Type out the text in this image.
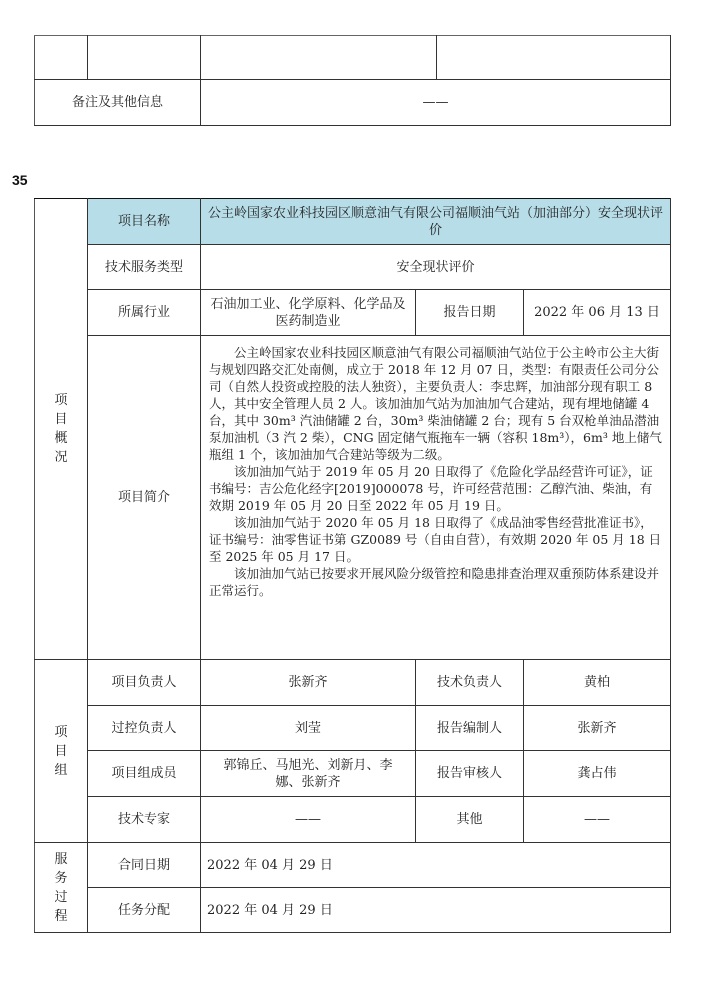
备注及其他信息		——	
35
项
目
概
况	项目名称	公主岭国家农业科技园区顺意油气有限公司福顺油气站（加油部分）安全现状评价		
	技术服务类型	安全现状评价		
	所属行业	石油加工业、化学原料、化学品及医药制造业	报告日期	2022 年 06 月 13 日
	项目简介	公主岭国家农业科技园区顺意油气有限公司福顺油气站位于公主岭市公主大街与规划四路交汇处南侧，成立于 2018 年 12 月 07 日，类型：有限责任公司分公司（自然人投资或控股的法人独资），主要负责人：李忠辉，加油部分现有职工 8 人，其中安全管理人员 2 人。该加油加气站为加油加气合建站，现有埋地储罐 4 台，其中 30m³ 汽油储罐 2 台，30m³ 柴油储罐 2 台；现有 5 台双枪单油品潜油泵加油机（3 汽 2 柴），CNG 固定储气瓶拖车一辆（容积 18m³），6m³ 地上储气瓶组 1 个，该加油加气合建站等级为二级。

该加油加气站于 2019 年 05 月 20 日取得了《危险化学品经营许可证》，证书编号：吉公危化经字[2019]000078 号，许可经营范围：乙醇汽油、柴油，有效期 2019 年 05 月 20 日至 2022 年 05 月 19 日。

该加油加气站于 2020 年 05 月 18 日取得了《成品油零售经营批准证书》，证书编号：油零售证书第 GZ0089 号（自由自营），有效期 2020 年 05 月 18 日至 2025 年 05 月 17 日。

该加油加气站已按要求开展风险分级管控和隐患排查治理双重预防体系建设并正常运行。		

项
目
组	项目负责人	张新齐	技术负责人	黄柏
	过控负责人	刘莹	报告编制人	张新齐
	项目组成员	郭锦丘、马旭光、刘新月、李娜、张新齐	报告审核人	龚占伟
	技术专家	——	其他	——

服
务
过
程	合同日期	2022 年 04 月 29 日		
	任务分配	2022 年 04 月 29 日		
